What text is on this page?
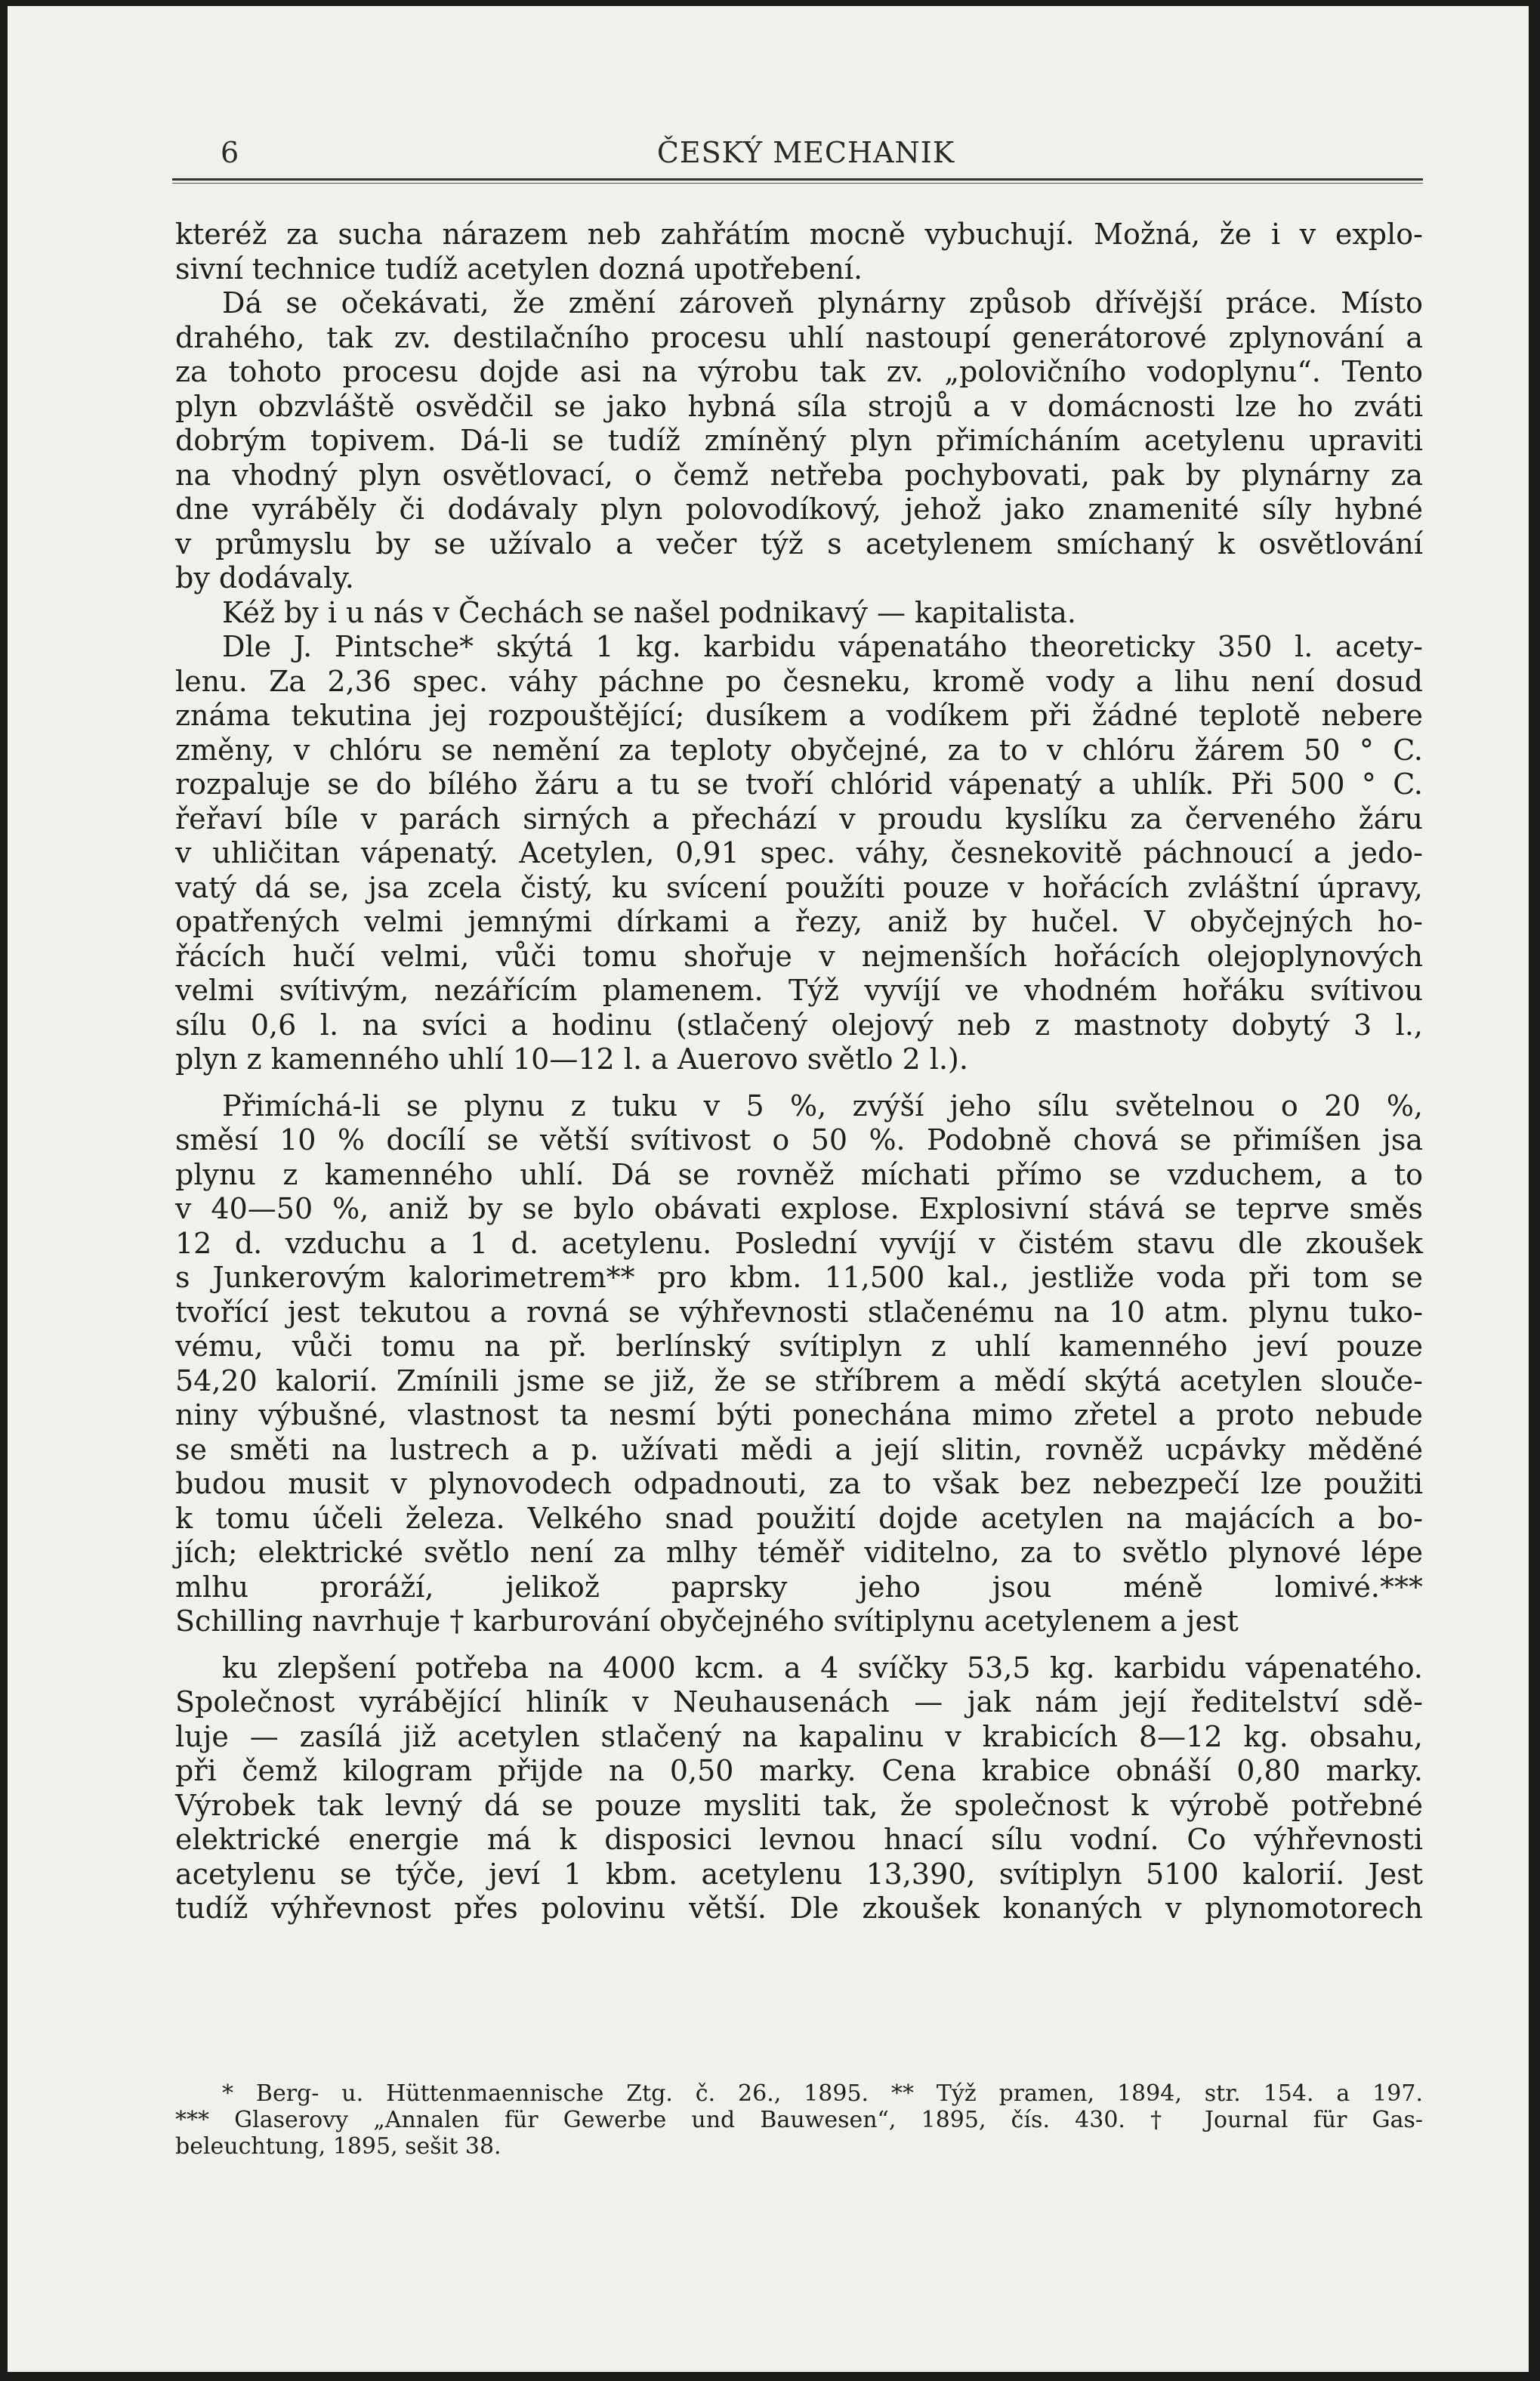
6	ČESKÝ MECHANIK
kteréž za sucha nárazem neb zahřátím mocně vybuchují. Možná, že i v explo-
sivní technice tudíž acetylen dozná upotřebení.
Dá se očekávati, že změní zároveň plynárny způsob dřívější práce. Místo
drahého, tak zv. destilačního procesu uhlí nastoupí generátorové zplynování a
za tohoto procesu dojde asi na výrobu tak zv. „polovičního vodoplynu“. Tento
plyn obzvláště osvědčil se jako hybná síla strojů a v domácnosti lze ho zváti
dobrým topivem. Dá-li se tudíž zmíněný plyn přimícháním acetylenu upraviti
na vhodný plyn osvětlovací, o čemž netřeba pochybovati, pak by plynárny za
dne vyráběly či dodávaly plyn polovodíkový, jehož jako znamenité síly hybné
v průmyslu by se užívalo a večer týž s acetylenem smíchaný k osvětlování
by dodávaly.
Kéž by i u nás v Čechách se našel podnikavý — kapitalista.
Dle J. Pintsche* skýtá 1 kg. karbidu vápenatáho theoreticky 350 l. acety-
lenu. Za 2,36 spec. váhy páchne po česneku, kromě vody a lihu není dosud
známa tekutina jej rozpouštějící; dusíkem a vodíkem při žádné teplotě nebere
změny, v chlóru se nemění za teploty obyčejné, za to v chlóru žárem 50 ° C.
rozpaluje se do bílého žáru a tu se tvoří chlórid vápenatý a uhlík. Při 500 ° C.
řeřaví bíle v parách sirných a přechází v proudu kyslíku za červeného žáru
v uhličitan vápenatý. Acetylen, 0,91 spec. váhy, česnekovitě páchnoucí a jedo-
vatý dá se, jsa zcela čistý, ku svícení použíti pouze v hořácích zvláštní úpravy,
opatřených velmi jemnými dírkami a řezy, aniž by hučel. V obyčejných ho-
řácích hučí velmi, vůči tomu shořuje v nejmenších hořácích olejoplynových
velmi svítivým, nezářícím plamenem. Týž vyvíjí ve vhodném hořáku svítivou
sílu 0,6 l. na svíci a hodinu (stlačený olejový neb z mastnoty dobytý 3 l.,
plyn z kamenného uhlí 10—12 l. a Auerovo světlo 2 l.).
Přimíchá-li se plynu z tuku v 5 %, zvýší jeho sílu světelnou o 20 %,
směsí 10 % docílí se větší svítivost o 50 %. Podobně chová se přimíšen jsa
plynu z kamenného uhlí. Dá se rovněž míchati přímo se vzduchem, a to
v 40—50 %, aniž by se bylo obávati explose. Explosivní stává se teprve směs
12 d. vzduchu a 1 d. acetylenu. Poslední vyvíjí v čistém stavu dle zkoušek
s Junkerovým kalorimetrem** pro kbm. 11,500 kal., jestliže voda při tom se
tvořící jest tekutou a rovná se výhřevnosti stlačenému na 10 atm. plynu tuko-
vému, vůči tomu na př. berlínský svítiplyn z uhlí kamenného jeví pouze
54,20 kalorií. Zmínili jsme se již, že se stříbrem a mědí skýtá acetylen slouče-
niny výbušné, vlastnost ta nesmí býti ponechána mimo zřetel a proto nebude
se směti na lustrech a p. užívati mědi a její slitin, rovněž ucpávky měděné
budou musit v plynovodech odpadnouti, za to však bez nebezpečí lze použiti
k tomu účeli železa. Velkého snad použití dojde acetylen na majácích a bo-
jích; elektrické světlo není za mlhy téměř viditelno, za to světlo plynové lépe
mlhu proráží, jelikož paprsky jeho jsou méně lomivé.***
Schilling navrhuje † karburování obyčejného svítiplynu acetylenem a jest
ku zlepšení potřeba na 4000 kcm. a 4 svíčky 53,5 kg. karbidu vápenatého.
Společnost vyrábějící hliník v Neuhausenách — jak nám její ředitelství sdě-
luje — zasílá již acetylen stlačený na kapalinu v krabicích 8—12 kg. obsahu,
při čemž kilogram přijde na 0,50 marky. Cena krabice obnáší 0,80 marky.
Výrobek tak levný dá se pouze mysliti tak, že společnost k výrobě potřebné
elektrické energie má k disposici levnou hnací sílu vodní. Co výhřevnosti
acetylenu se týče, jeví 1 kbm. acetylenu 13,390, svítiplyn 5100 kalorií. Jest
tudíž výhřevnost přes polovinu větší. Dle zkoušek konaných v plynomotorech
* Berg- u. Hüttenmaennische Ztg. č. 26., 1895. ** Týž pramen, 1894, str. 154. a 197.
*** Glaserovy „Annalen für Gewerbe und Bauwesen“, 1895, čís. 430. † Journal für Gas-
beleuchtung, 1895, sešit 38.
